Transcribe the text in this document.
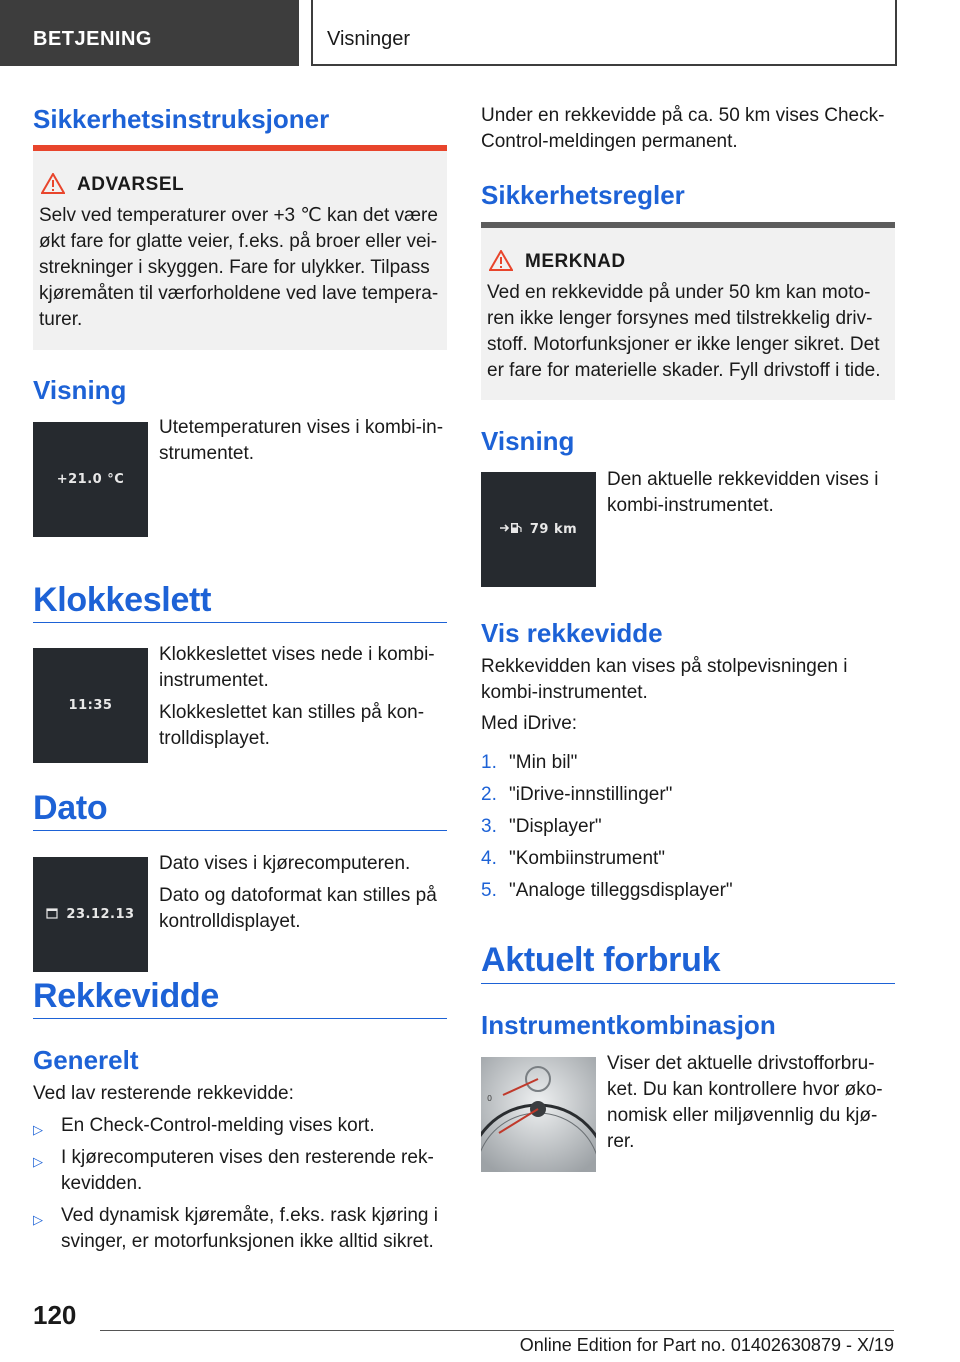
BETJENING	Visninger
Sikkerhetsinstruksjoner
ADVARSEL
Selv ved temperaturer over +3 ℃ kan det være
økt fare for glatte veier, f.eks. på broer eller vei-
strekninger i skyggen. Fare for ulykker. Tilpass
kjøremåten til værforholdene ved lave tempera-
turer.
Visning
+21.0 °C
Utetemperaturen vises i kombi-in-
strumentet.
Klokkeslett
11:35
Klokkeslettet vises nede i kombi-
instrumentet.
Klokkeslettet kan stilles på kon-
trolldisplayet.
Dato
23.12.13
Dato vises i kjørecomputeren.
Dato og datoformat kan stilles på
kontrolldisplayet.
Rekkevidde
Generelt
Ved lav resterende rekkevidde:
▷ En Check-Control-melding vises kort.
▷ I kjørecomputeren vises den resterende rek-
kevidden.
▷ Ved dynamisk kjøremåte, f.eks. rask kjøring i
svinger, er motorfunksjonen ikke alltid sikret.
Under en rekkevidde på ca. 50 km vises Check-
Control-meldingen permanent.
Sikkerhetsregler
MERKNAD
Ved en rekkevidde på under 50 km kan moto-
ren ikke lenger forsynes med tilstrekkelig driv-
stoff. Motorfunksjoner er ikke lenger sikret. Det
er fare for materielle skader. Fyll drivstoff i tide.
Visning
79 km
Den aktuelle rekkevidden vises i
kombi-instrumentet.
Vis rekkevidde
Rekkevidden kan vises på stolpevisningen i
kombi-instrumentet.
Med iDrive:
1. "Min bil"
2. "iDrive-innstillinger"
3. "Displayer"
4. "Kombiinstrument"
5. "Analoge tilleggsdisplayer"
Aktuelt forbruk
Instrumentkombinasjon
0
Viser det aktuelle drivstofforbru-
ket. Du kan kontrollere hvor øko-
nomisk eller miljøvennlig du kjø-
rer.
120
Online Edition for Part no. 01402630879 - X/19
